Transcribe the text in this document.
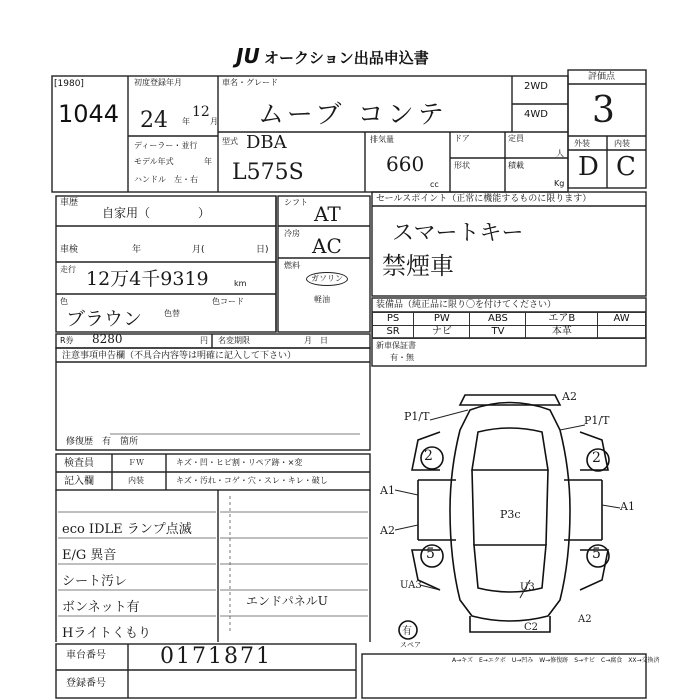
JU オークション出品申込書
[1980]
1044
初度登録年月
24 年
12
月
ディーラー・並行
モデル年式	年
ハンドル　左・右
車名・グレード
ムーブ コンテ
2WD
4WD
型式 DBA
L575S
排気量
660
cc
ドア	定員
人
形状	積載
Kg
評価点
3
外装	内装
D C
車歴
自家用（　　　　）
車検	年	月(	日)
走行 12万4千9319	km
色
ブラウン	色替
色コード
シフト AT
冷房
AC
燃料
ガソリン
軽油
セールスポイント（正常に機能するものに限ります）
スマートキー
禁煙車
装備品（純正品に限り〇を付けてください）
PS	PW	ABS	エアB	AW
SR	ナビ	TV	本革	
新車保証書
有・無
R券 8280	円 名変期限	月　日
注意事項申告欄（不具合内容等は明確に記入して下さい）
修復歴　有　箇所
検査員	ＦＷ	キズ・凹・ヒビ割・リペア跡・×変
記入欄	内装	キズ・汚れ・コゲ・穴・スレ・キレ・破し
eco IDLE ランプ点滅
E/G 異音
シート汚レ
ボンネット有
Hライトくもり
エンドパネルU
P1/T	P1/T
A2
2	2
A1
A2
A1
P3c
5	5
UA3	U3
C2
A2
有
スペア
車台番号 0171871
登録番号
A→キズ　E→エクボ　U→凹み　W→修復跡　S→サビ　C→腐食　XX→交換済
